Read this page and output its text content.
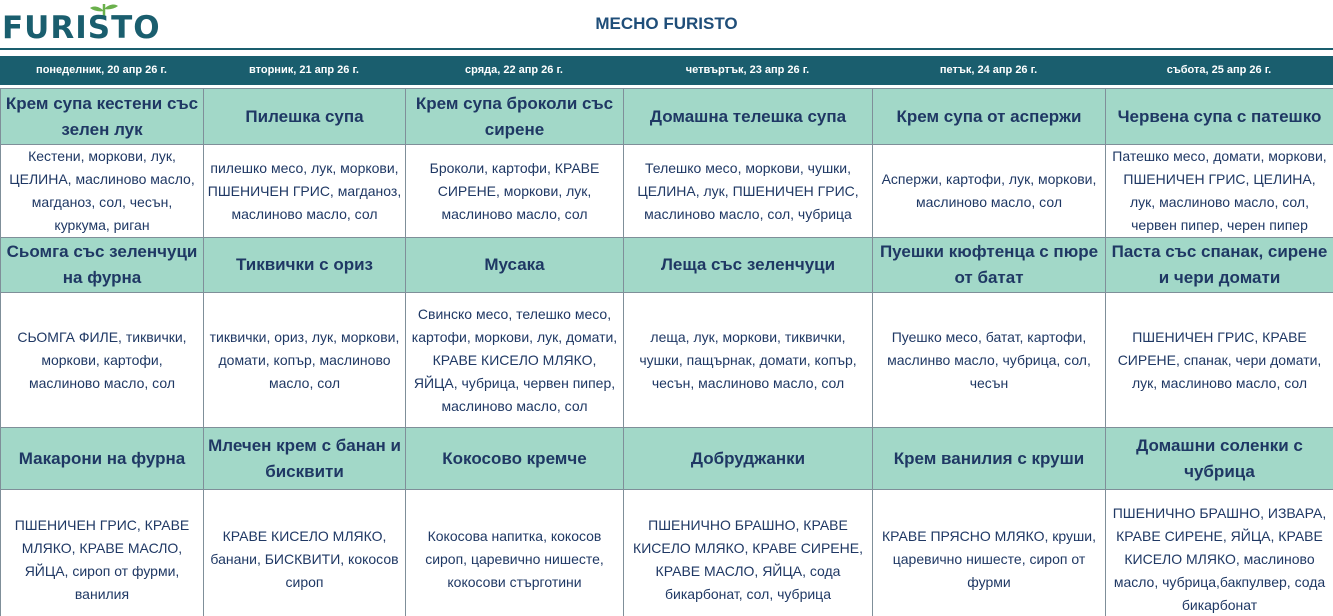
FURISTO	МЕСНО FURISTO
понеделник, 20 апр 26 г.	вторник, 21 апр 26 г.	сряда, 22 апр 26 г.	четвъртък, 23 апр 26 г.	петък, 24 апр 26 г.	събота, 25 апр 26 г.
Крем супа кестени със зелен лук	Пилешка супа	Крем супа броколи със сирене	Домашна телешка супа	Крем супа от аспержи	Червена супа с патешко
Кестени, моркови, лук, ЦЕЛИНА, маслиново масло, магданоз, сол, чесън, куркума, риган	пилешко месо, лук, моркови, ПШЕНИЧЕН ГРИС, магданоз, маслиново масло, сол	Броколи, картофи, КРАВЕ СИРЕНЕ, моркови, лук, маслиново масло, сол	Телешко месо, моркови, чушки, ЦЕЛИНА, лук, ПШЕНИЧЕН ГРИС, маслиново масло, сол, чубрица	Аспержи, картофи, лук, моркови, маслиново масло, сол	Патешко месо, домати, моркови, ПШЕНИЧЕН ГРИС, ЦЕЛИНА, лук, маслиново масло, сол, червен пипер, черен пипер
Сьомга със зеленчуци на фурна	Тиквички с ориз	Мусака	Леща със зеленчуци	Пуешки кюфтенца с пюре от батат	Паста със спанак, сирене и чери домати
СЬОМГА ФИЛЕ, тиквички, моркови, картофи, маслиново масло, сол	тиквички, ориз, лук, моркови, домати, копър, маслиново масло, сол	Свинско месо, телешко месо, картофи, моркови, лук, домати, КРАВЕ КИСЕЛО МЛЯКО, ЯЙЦА, чубрица, червен пипер, маслиново масло, сол	леща, лук, моркови, тиквички, чушки, пащърнак, домати, копър, чесън, маслиново масло, сол	Пуешко месо, батат, картофи, маслинво масло, чубрица, сол, чесън	ПШЕНИЧЕН ГРИС, КРАВЕ СИРЕНЕ, спанак, чери домати, лук, маслиново масло, сол
Макарони на фурна	Млечен крем с банан и бисквити	Кокосово кремче	Добруджанки	Крем ванилия с круши	Домашни соленки с чубрица
ПШЕНИЧЕН ГРИС, КРАВЕ МЛЯКО, КРАВЕ МАСЛО, ЯЙЦА, сироп от фурми, ванилия	КРАВЕ КИСЕЛО МЛЯКО, банани, БИСКВИТИ, кокосов сироп	Кокосова напитка, кокосов сироп, царевично нишесте, кокосови стърготини	ПШЕНИЧНО БРАШНО, КРАВЕ КИСЕЛО МЛЯКО, КРАВЕ СИРЕНЕ, КРАВЕ МАСЛО, ЯЙЦА, сода бикарбонат, сол, чубрица	КРАВЕ ПРЯСНО МЛЯКО, круши, царевично нишесте, сироп от фурми	ПШЕНИЧНО БРАШНО, ИЗВАРА, КРАВЕ СИРЕНЕ, ЯЙЦА, КРАВЕ КИСЕЛО МЛЯКО, маслиново масло, чубрица,бакпулвер, сода бикарбонат
